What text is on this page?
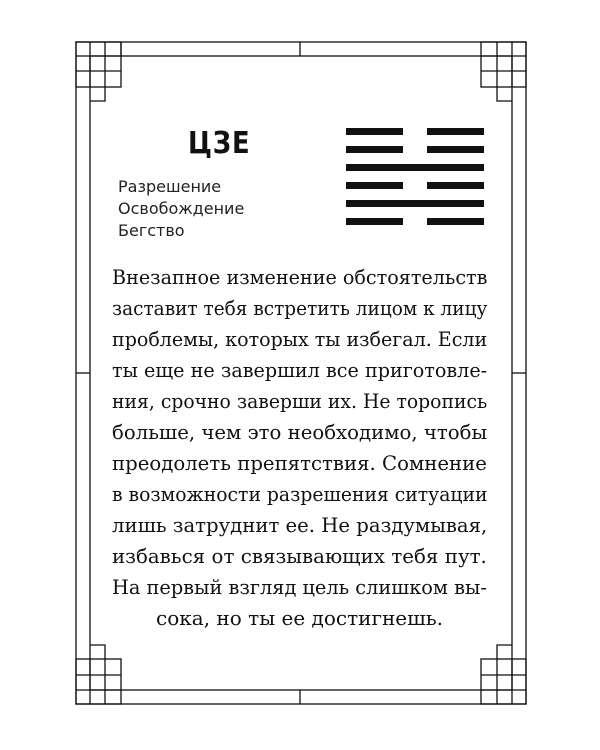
ЦЗЕ
Разрешение
Освобождение
Бегство
Внезапное изменение обстоятельств
заставит тебя встретить лицом к лицу
проблемы, которых ты избегал. Если
ты еще не завершил все приготовле-
ния, срочно заверши их. Не торопись
больше, чем это необходимо, чтобы
преодолеть препятствия. Сомнение
в возможности разрешения ситуации
лишь затруднит ее. Не раздумывая,
избавься от связывающих тебя пут.
На первый взгляд цель слишком вы-
сока, но ты ее достигнешь.
